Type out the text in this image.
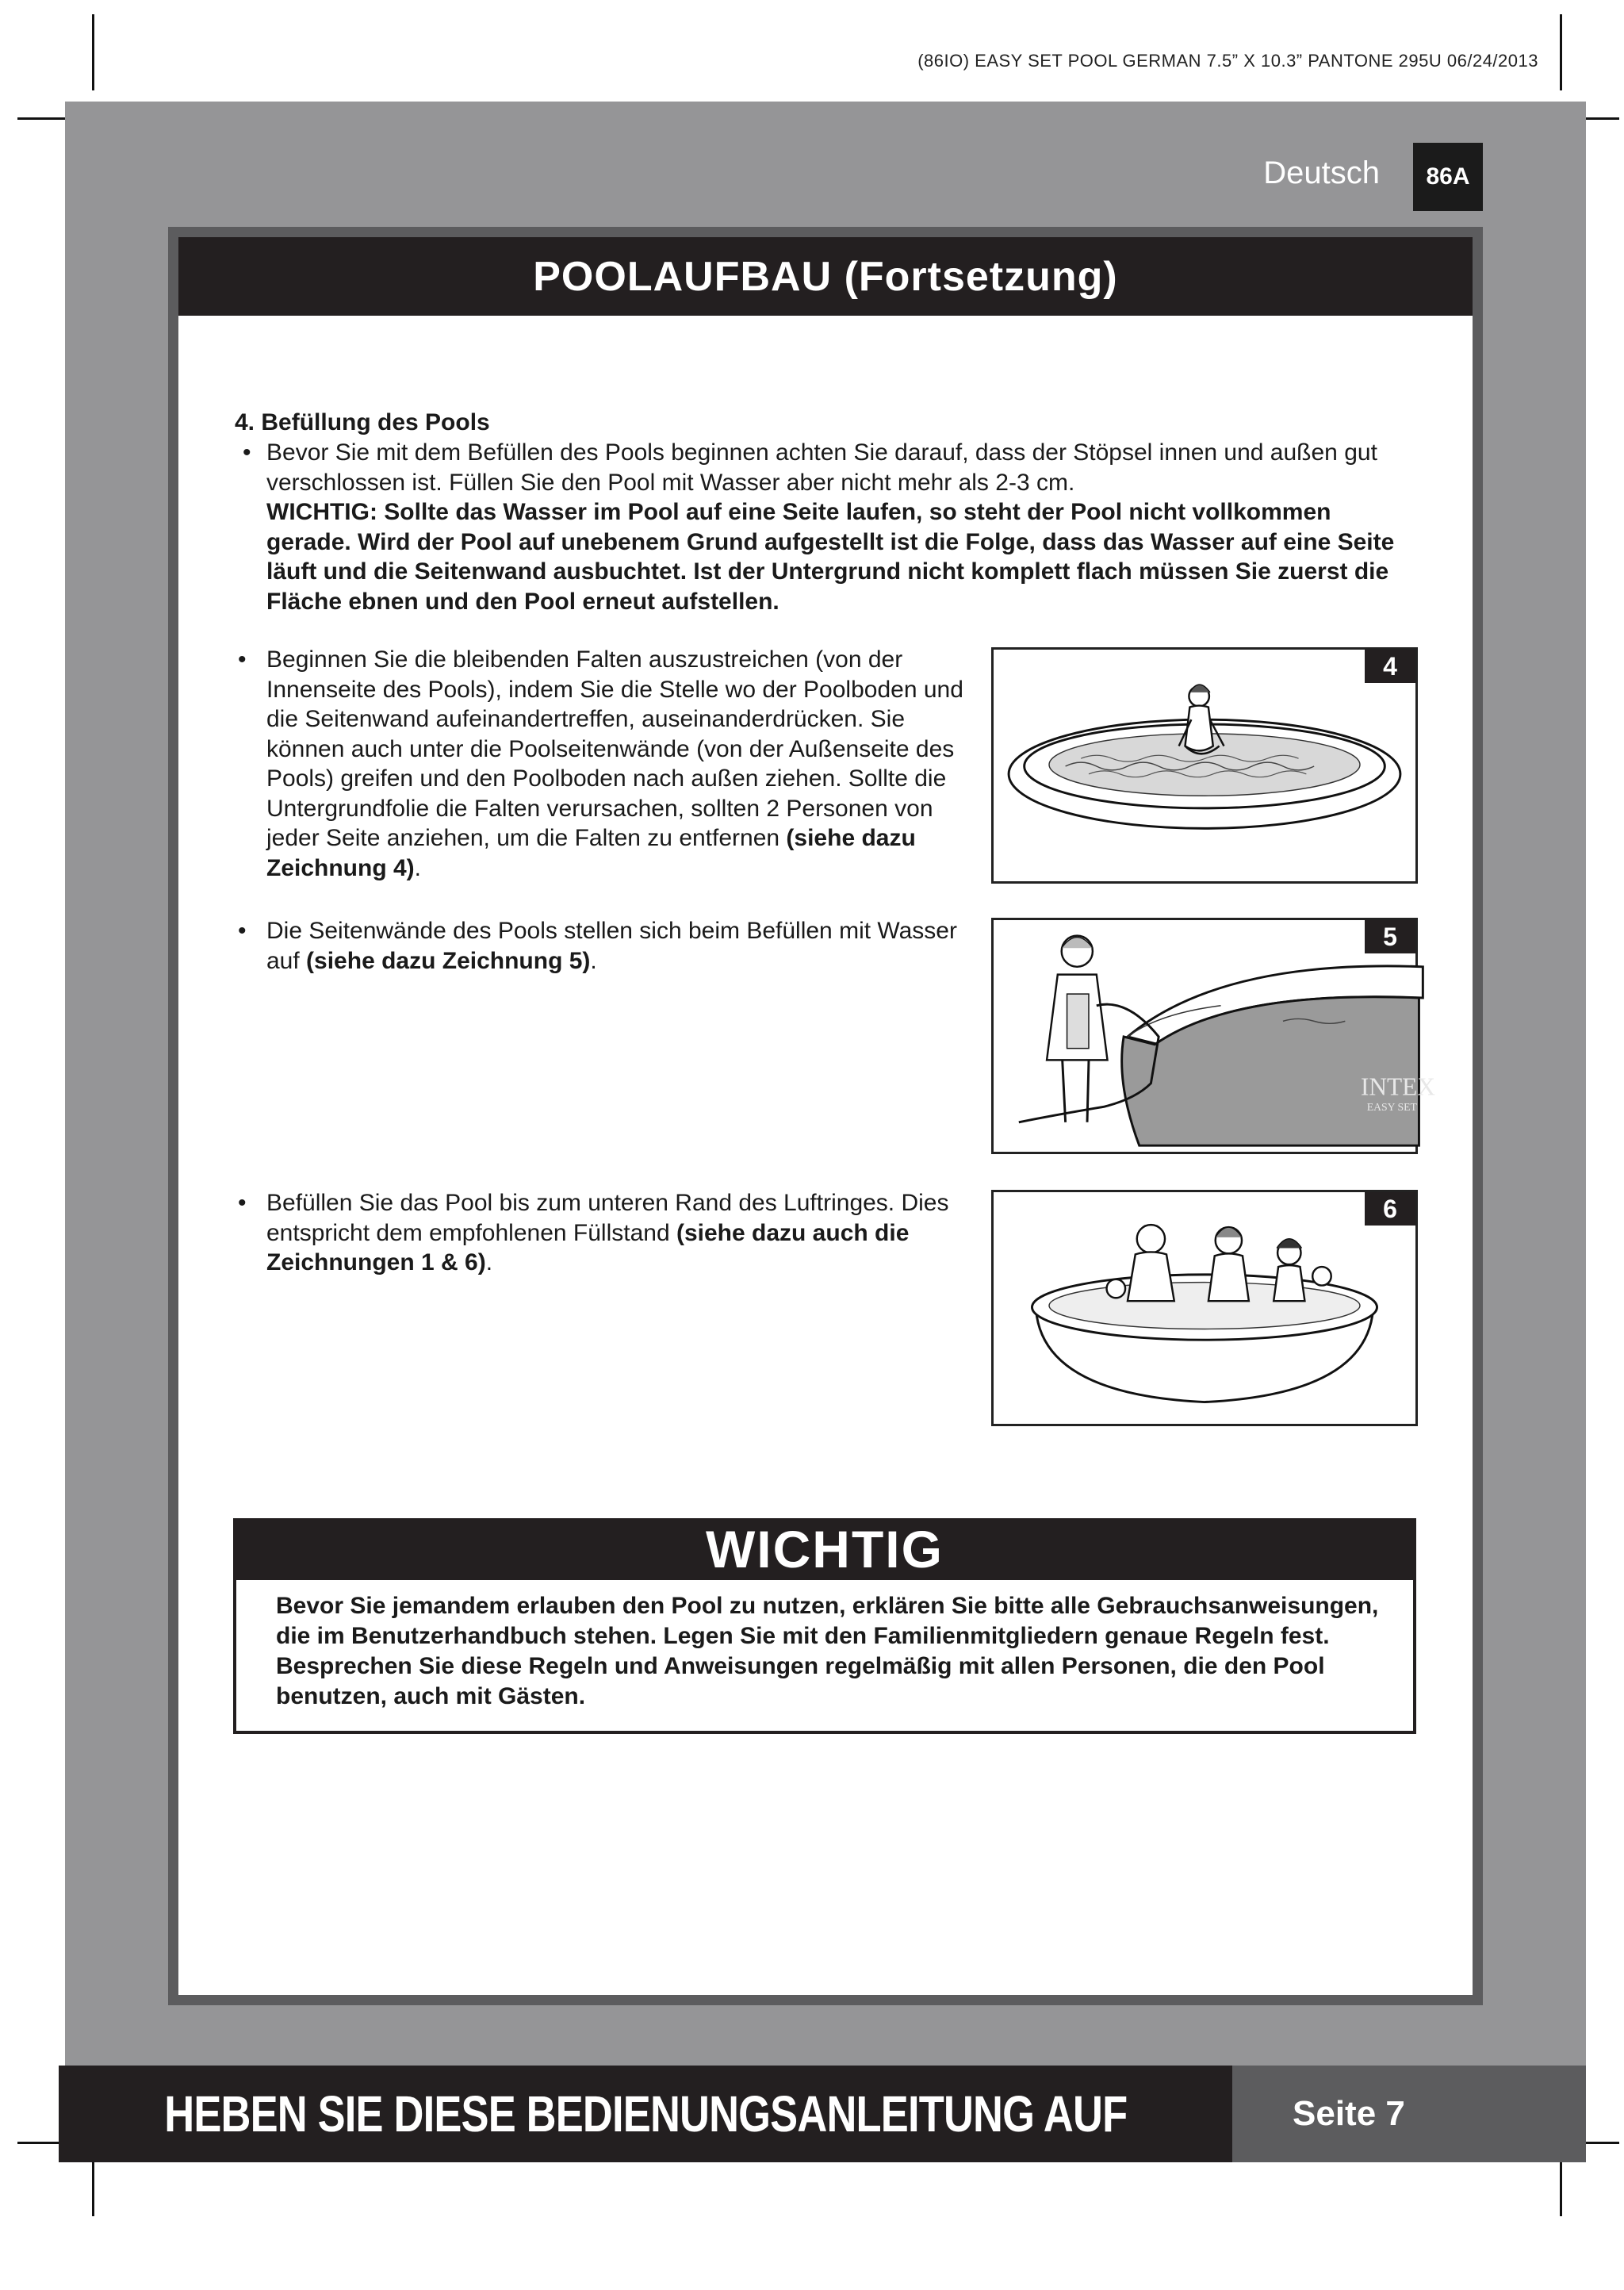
(86IO) EASY SET POOL GERMAN 7.5” X 10.3” PANTONE 295U 06/24/2013
Deutsch	86A
POOLAUFBAU (Fortsetzung)
4. Befüllung des Pools
• Bevor Sie mit dem Befüllen des Pools beginnen achten Sie darauf, dass der Stöpsel innen und außen gut verschlossen ist. Füllen Sie den Pool mit Wasser aber nicht mehr als 2-3 cm.
WICHTIG: Sollte das Wasser im Pool auf eine Seite laufen, so steht der Pool nicht vollkommen gerade. Wird der Pool auf unebenem Grund aufgestellt ist die Folge, dass das Wasser auf eine Seite läuft und die Seitenwand ausbuchtet. Ist der Untergrund nicht komplett flach müssen Sie zuerst die Fläche ebnen und den Pool erneut aufstellen.
• Beginnen Sie die bleibenden Falten auszustreichen (von der Innenseite des Pools), indem Sie die Stelle wo der Poolboden und die Seitenwand aufeinandertreffen, auseinanderdrücken. Sie können auch unter die Poolseitenwände (von der Außenseite des Pools) greifen und den Poolboden nach außen ziehen. Sollte die Untergrundfolie die Falten verursachen, sollten 2 Personen von jeder Seite anziehen, um die Falten zu entfernen (siehe dazu Zeichnung 4).
• Die Seitenwände des Pools stellen sich beim Befüllen mit Wasser auf (siehe dazu Zeichnung 5).
• Befüllen Sie das Pool bis zum unteren Rand des Luftringes. Dies entspricht dem empfohlenen Füllstand (siehe dazu auch die Zeichnungen 1 & 6).
4
INTEX
EASY SET
5
6
WICHTIG
Bevor Sie jemandem erlauben den Pool zu nutzen, erklären Sie bitte alle Gebrauchsanweisungen, die im Benutzerhandbuch stehen. Legen Sie mit den Familienmitgliedern genaue Regeln fest. Besprechen Sie diese Regeln und Anweisungen regelmäßig mit allen Personen, die den Pool benutzen, auch mit Gästen.
HEBEN SIE DIESE BEDIENUNGSANLEITUNG AUF	Seite 7
